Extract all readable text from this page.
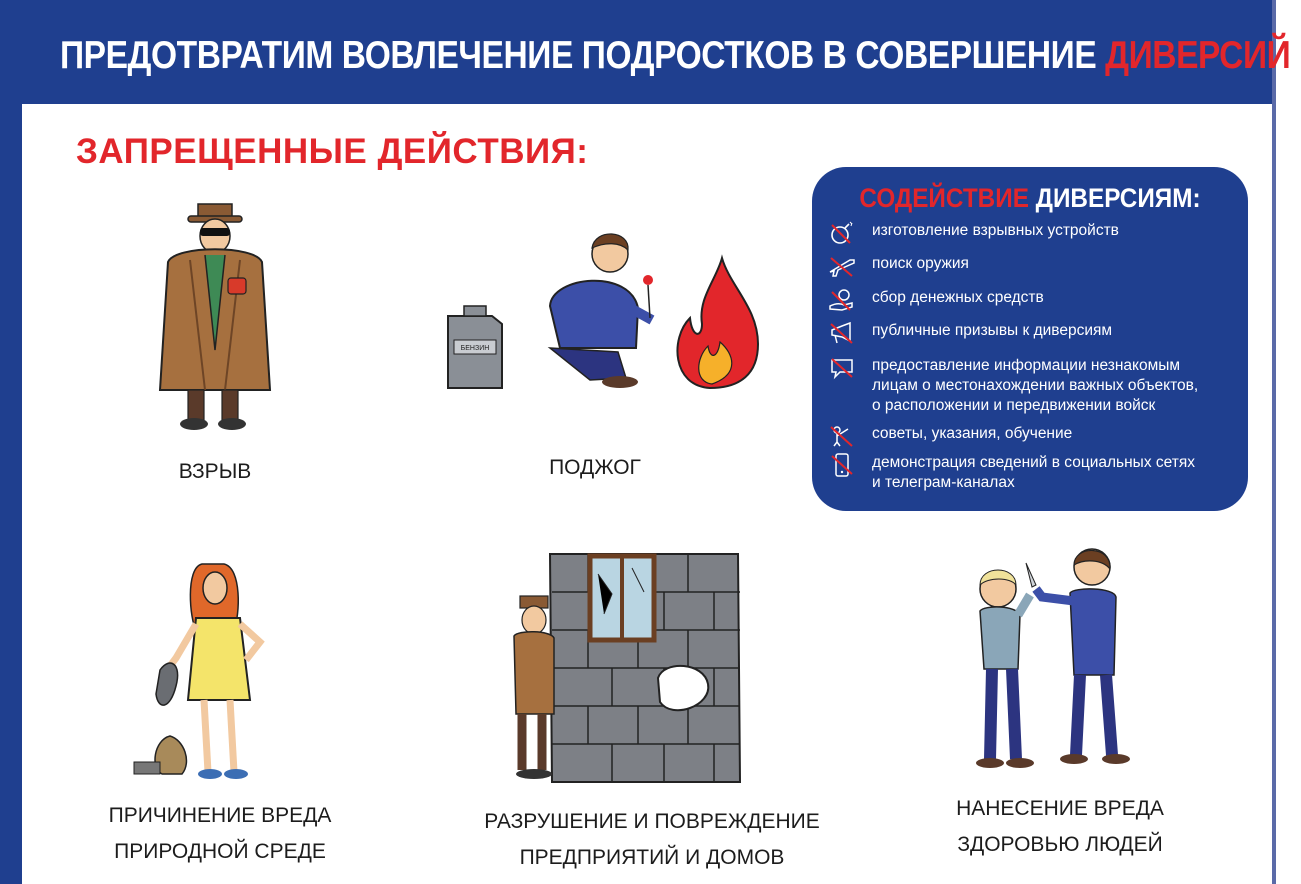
ПРЕДОТВРАТИМ ВОВЛЕЧЕНИЕ ПОДРОСТКОВ В СОВЕРШЕНИЕ ДИВЕРСИЙ!
ЗАПРЕЩЕННЫЕ ДЕЙСТВИЯ:
СОДЕЙСТВИЕ ДИВЕРСИЯМ:
изготовление взрывных устройств
поиск оружия
сбор денежных средств
публичные призывы к диверсиям
предоставление информации незнакомым
лицам о местонахождении важных объектов,
о расположении и передвижении войск
советы, указания, обучение
демонстрация сведений в социальных сетях
и телеграм-каналах
ВЗРЫВ
БЕНЗИН
ПОДЖОГ
ПРИЧИНЕНИЕ ВРЕДА
ПРИРОДНОЙ СРЕДЕ
РАЗРУШЕНИЕ И ПОВРЕЖДЕНИЕ
ПРЕДПРИЯТИЙ И ДОМОВ
НАНЕСЕНИЕ ВРЕДА
ЗДОРОВЬЮ ЛЮДЕЙ
